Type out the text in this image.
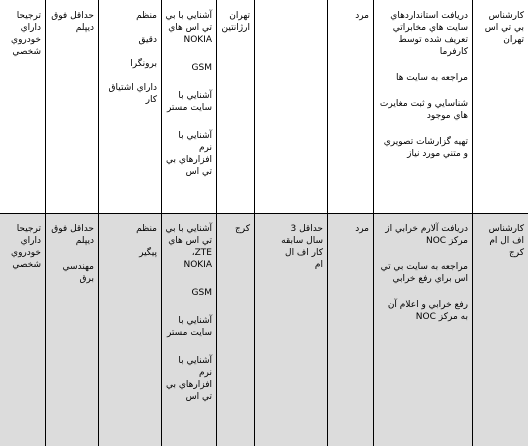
کارشناس بي تي اس تهران
دريافت استانداردهاي
سايت هاي مخابراتي
تعريف شده توسط
کارفرما
مراجعه به سايت ها
شناسايي و ثبت مغايرت
هاي موجود
تهيه گزارشات تصويري
و متني مورد نياز
مرد
تهران
ارژانتين
آشنايي با بي
تي اس هاي
NOKIA
GSM
آشنايي با
سايت مستر
آشنايي با نرم
افزارهاي بي
تي اس
منظم
دقيق
برونگرا
داراي اشتياق
کار
حداقل فوق
ديپلم
ترجيحا
داراي
خودروي
شخصي
کارشناس
اف ال ام
کرج
دريافت آلارم خرابي از
مرکز NOC
مراجعه به سايت بي تي
اس براي رفع خرابي
رفع خرابي و اعلام آن
به مرکز NOC
مرد
حداقل 3
سال سابقه
کار اف ال
ام
کرج
آشنايي با بي
تي اس هاي
ZTE،
NOKIA
GSM
آشنايي با
سايت مستر
آشنايي با نرم
افزارهاي بي
تي اس
منظم
پيگير
حداقل فوق
ديپلم
مهندسي
برق
ترجيحا
داراي
خودروي
شخصي
